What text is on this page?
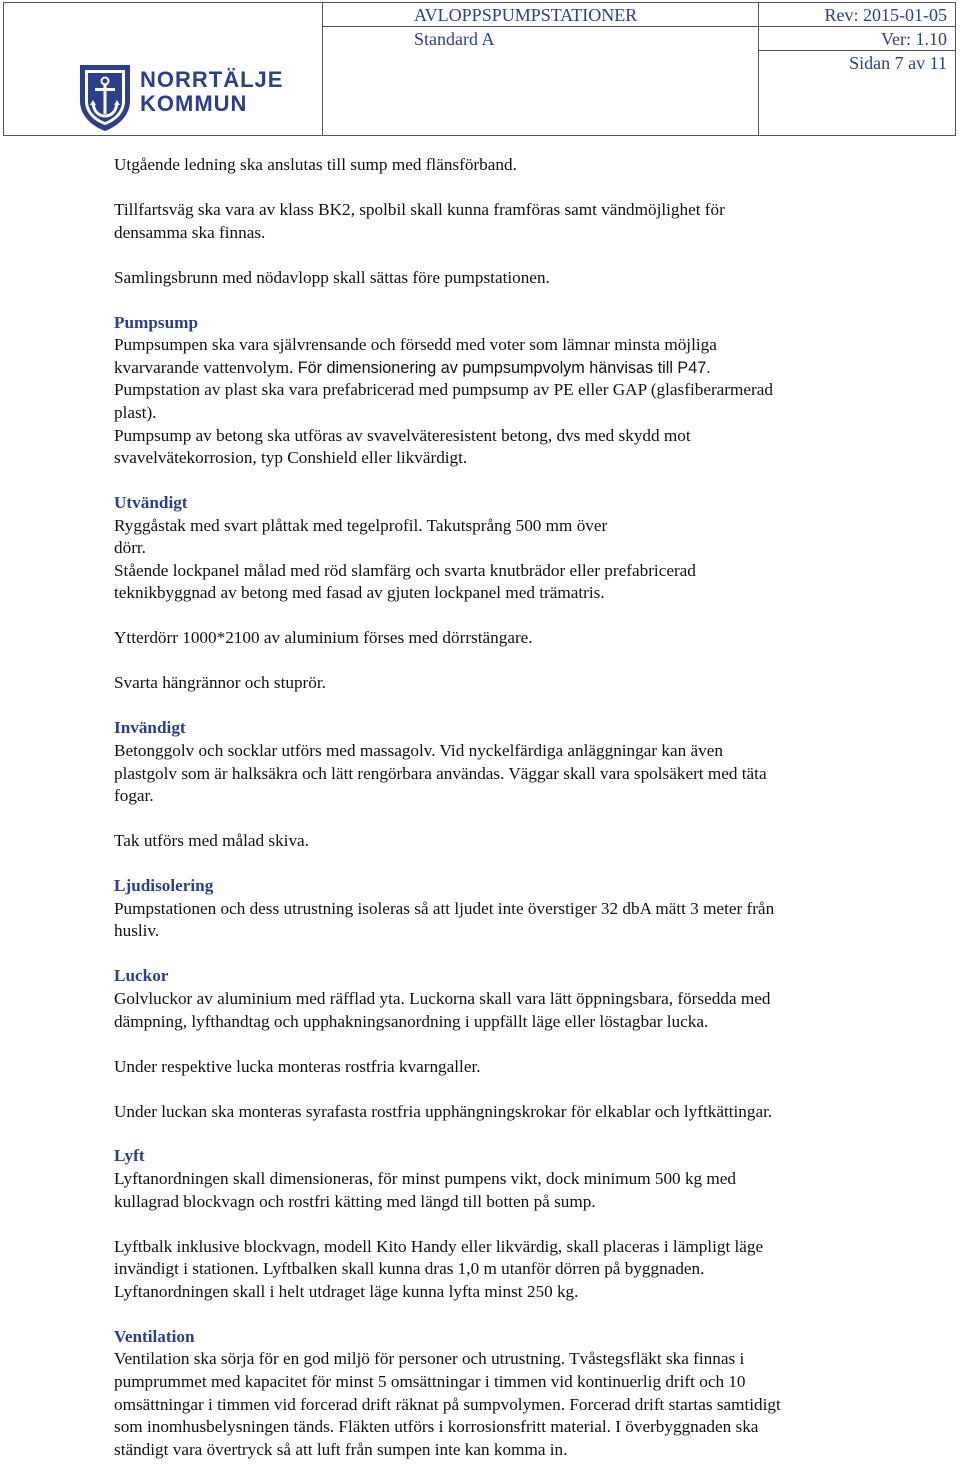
NORRTÄLJE
KOMMUN
AVLOPPSPUMPSTATIONER
Standard A
Rev: 2015-01-05
Ver: 1.10
Sidan 7 av 11

Utgående ledning ska anslutas till sump med flänsförband.

Tillfartsväg ska vara av klass BK2, spolbil skall kunna framföras samt vändmöjlighet för

densamma ska finnas.

Samlingsbrunn med nödavlopp skall sättas före pumpstationen.

Pumpsump

Pumpsumpen ska vara självrensande och försedd med voter som lämnar minsta möjliga

kvarvarande vattenvolym. För dimensionering av pumpsumpvolym hänvisas till P47.

Pumpstation av plast ska vara prefabricerad med pumpsump av PE eller GAP (glasfiberarmerad

plast).

Pumpsump av betong ska utföras av svavelväteresistent betong, dvs med skydd mot

svavelvätekorrosion, typ Conshield eller likvärdigt.

Utvändigt

Ryggåstak med svart plåttak med tegelprofil. Takutsprång 500 mm över

dörr.

Stående lockpanel målad med röd slamfärg och svarta knutbrädor eller prefabricerad

teknikbyggnad av betong med fasad av gjuten lockpanel med trämatris.

Ytterdörr 1000*2100 av aluminium förses med dörrstängare.

Svarta hängrännor och stuprör.

Invändigt

Betonggolv och socklar utförs med massagolv. Vid nyckelfärdiga anläggningar kan även

plastgolv som är halksäkra och lätt rengörbara användas. Väggar skall vara spolsäkert med täta

fogar.

Tak utförs med målad skiva.

Ljudisolering

Pumpstationen och dess utrustning isoleras så att ljudet inte överstiger 32 dbA mätt 3 meter från

husliv.

Luckor

Golvluckor av aluminium med räfflad yta. Luckorna skall vara lätt öppningsbara, försedda med

dämpning, lyfthandtag och upphakningsanordning i uppfällt läge eller löstagbar lucka.

Under respektive lucka monteras rostfria kvarngaller.

Under luckan ska monteras syrafasta rostfria upphängningskrokar för elkablar och lyftkättingar.

Lyft

Lyftanordningen skall dimensioneras, för minst pumpens vikt, dock minimum 500 kg med

kullagrad blockvagn och rostfri kätting med längd till botten på sump.

Lyftbalk inklusive blockvagn, modell Kito Handy eller likvärdig, skall placeras i lämpligt läge

invändigt i stationen. Lyftbalken skall kunna dras 1,0 m utanför dörren på byggnaden.

Lyftanordningen skall i helt utdraget läge kunna lyfta minst 250 kg.

Ventilation

Ventilation ska sörja för en god miljö för personer och utrustning. Tvåstegsfläkt ska finnas i

pumprummet med kapacitet för minst 5 omsättningar i timmen vid kontinuerlig drift och 10

omsättningar i timmen vid forcerad drift räknat på sumpvolymen. Forcerad drift startas samtidigt

som inomhusbelysningen tänds. Fläkten utförs i korrosionsfritt material. I överbyggnaden ska

ständigt vara övertryck så att luft från sumpen inte kan komma in.
